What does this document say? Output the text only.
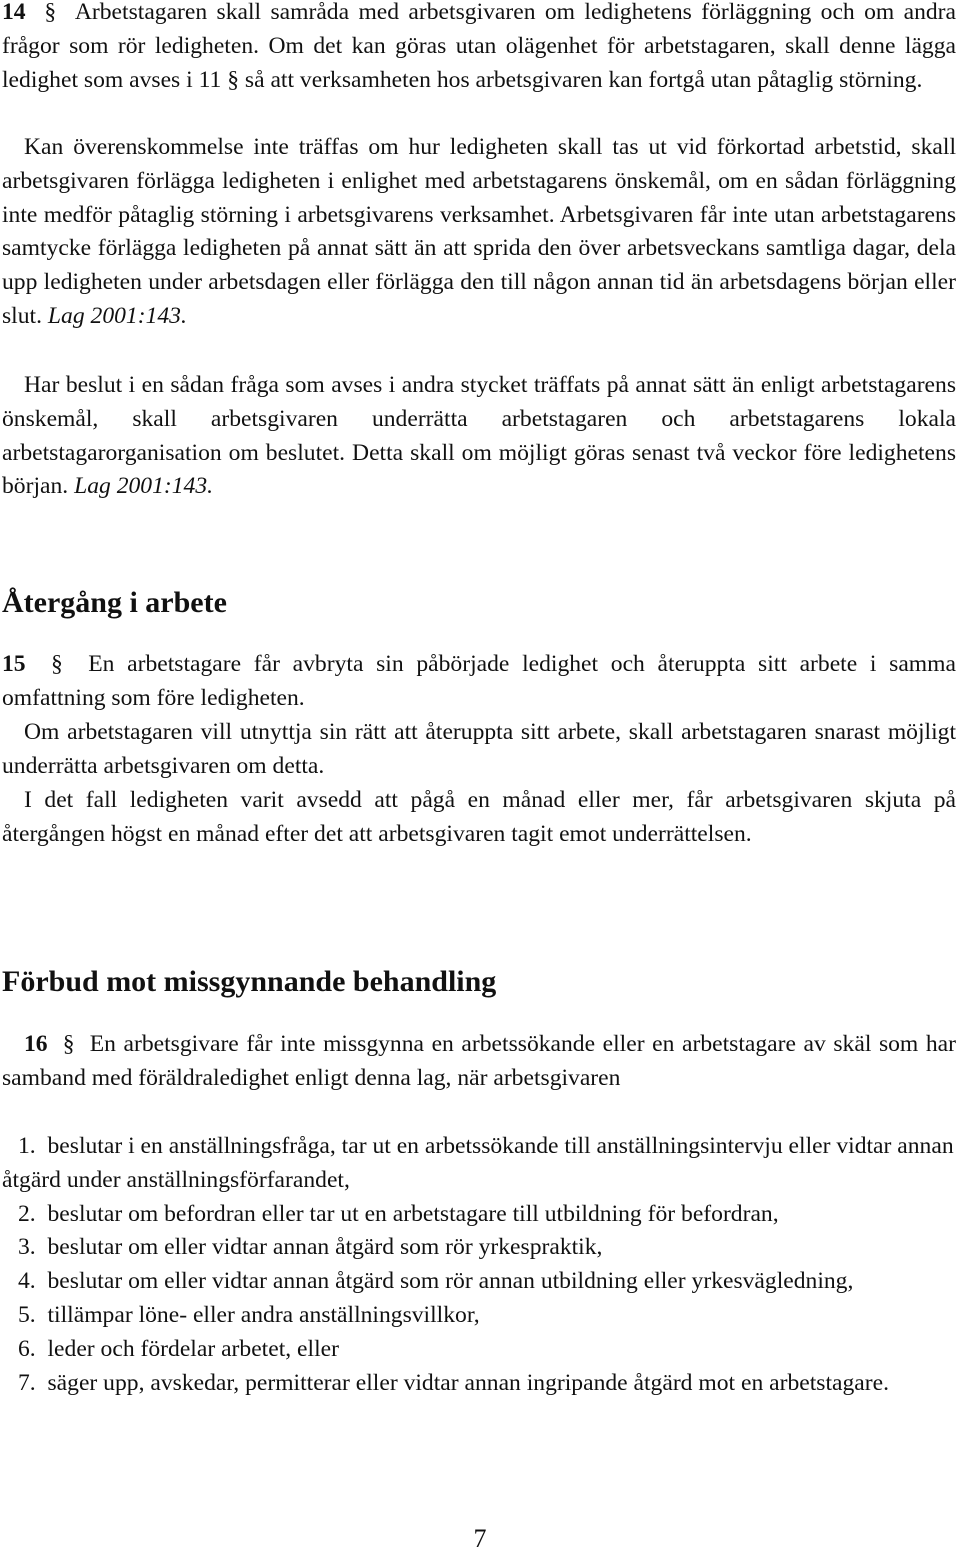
14 § Arbetstagaren skall samråda med arbetsgivaren om ledighetens förläggning och om andra frågor som rör ledigheten. Om det kan göras utan olägenhet för arbetstagaren, skall denne lägga ledighet som avses i 11 § så att verksamheten hos arbetsgivaren kan fortgå utan påtaglig störning.

Kan överenskommelse inte träffas om hur ledigheten skall tas ut vid förkortad arbetstid, skall arbetsgivaren förlägga ledigheten i enlighet med arbetstagarens önskemål, om en sådan förläggning inte medför påtaglig störning i arbetsgivarens verksamhet. Arbetsgivaren får inte utan arbetstagarens samtycke förlägga ledigheten på annat sätt än att sprida den över arbetsveckans samtliga dagar, dela upp ledigheten under arbetsdagen eller förlägga den till någon annan tid än arbetsdagens början eller slut. Lag 2001:143.

Har beslut i en sådan fråga som avses i andra stycket träffats på annat sätt än enligt arbetstagarens önskemål, skall arbetsgivaren underrätta arbetstagaren och arbetstagarens lokala arbetstagarorganisation om beslutet. Detta skall om möjligt göras senast två veckor före ledighetens början. Lag 2001:143.

Återgång i arbete

15 § En arbetstagare får avbryta sin påbörjade ledighet och återuppta sitt arbete i samma omfattning som före ledigheten.

Om arbetstagaren vill utnyttja sin rätt att återuppta sitt arbete, skall arbetstagaren snarast möjligt underrätta arbetsgivaren om detta.

I det fall ledigheten varit avsedd att pågå en månad eller mer, får arbetsgivaren skjuta på återgången högst en månad efter det att arbetsgivaren tagit emot underrättelsen.

Förbud mot missgynnande behandling

16 § En arbetsgivare får inte missgynna en arbetssökande eller en arbetstagare av skäl som har samband med föräldraledighet enligt denna lag, när arbetsgivaren

1. beslutar i en anställningsfråga, tar ut en arbetssökande till anställningsintervju eller vidtar annan åtgärd under anställningsförfarandet,

2. beslutar om befordran eller tar ut en arbetstagare till utbildning för befordran,

3. beslutar om eller vidtar annan åtgärd som rör yrkespraktik,

4. beslutar om eller vidtar annan åtgärd som rör annan utbildning eller yrkesvägledning,

5. tillämpar löne- eller andra anställningsvillkor,

6. leder och fördelar arbetet, eller

7. säger upp, avskedar, permitterar eller vidtar annan ingripande åtgärd mot en arbetstagare.

7
